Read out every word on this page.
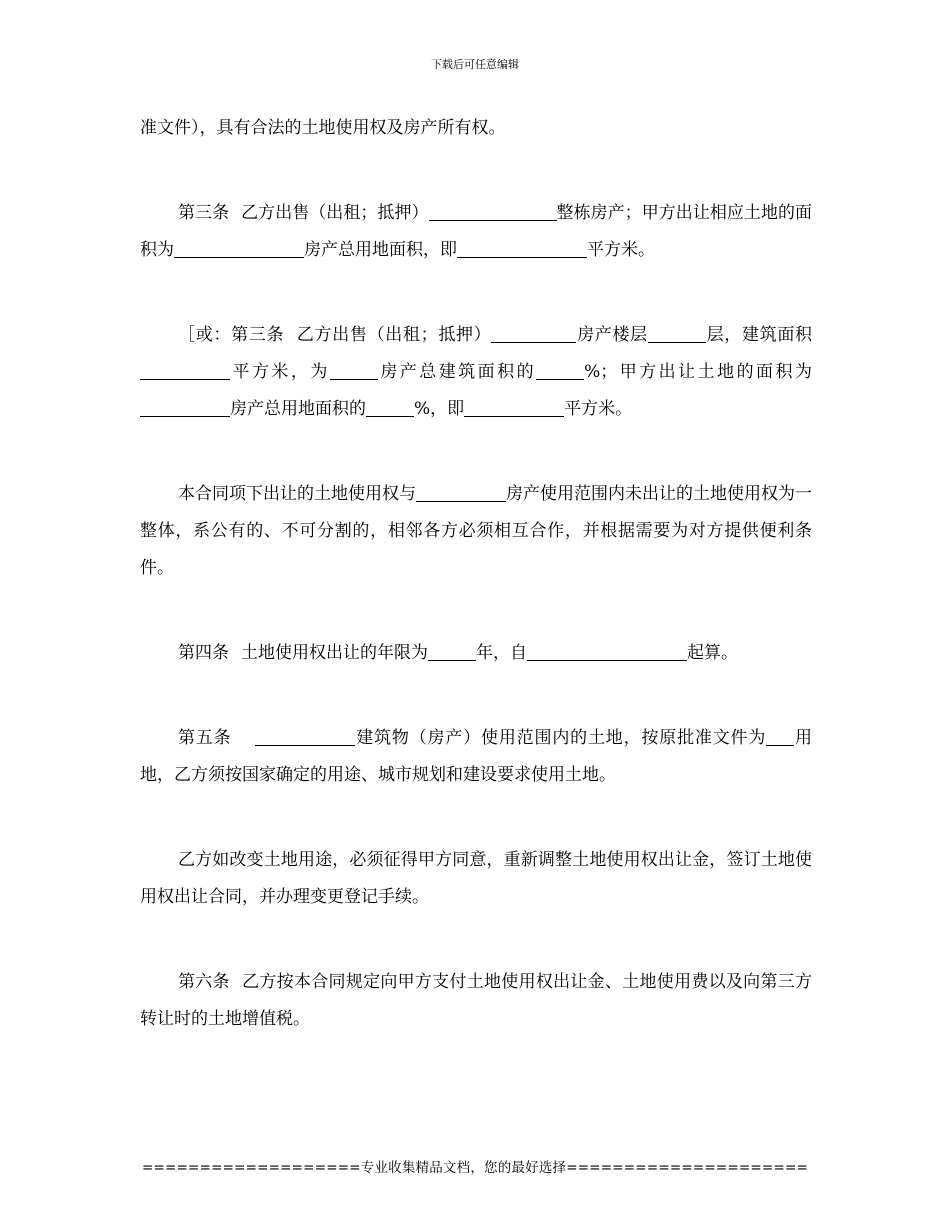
下载后可任意编辑

准文件），具有合法的土地使用权及房产所有权。

第三条 乙方出售（出租；抵押）	整栋房产；甲方出让相应土地的面积为	房产总用地面积，即	平方米。

［或：第三条 乙方出售（出租；抵押）	房产楼层	层，建筑面积平方米，为	房产总建筑面积的	%；甲方出让土地的面积为房产总用地面积的	%，即	平方米。

本合同项下出让的土地使用权与	房产使用范围内未出让的土地使用权为一整体，系公有的、不可分割的，相邻各方必须相互合作，并根据需要为对方提供便利条件。

第四条 土地使用权出让的年限为	年，自	起算。

第五条	建筑物（房产）使用范围内的土地，按原批准文件为 用地，乙方须按国家确定的用途、城市规划和建设要求使用土地。

乙方如改变土地用途，必须征得甲方同意，重新调整土地使用权出让金，签订土地使用权出让合同，并办理变更登记手续。

第六条 乙方按本合同规定向甲方支付土地使用权出让金、土地使用费以及向第三方转让时的土地增值税。

===================专业收集精品文档，您的最好选择=====================
